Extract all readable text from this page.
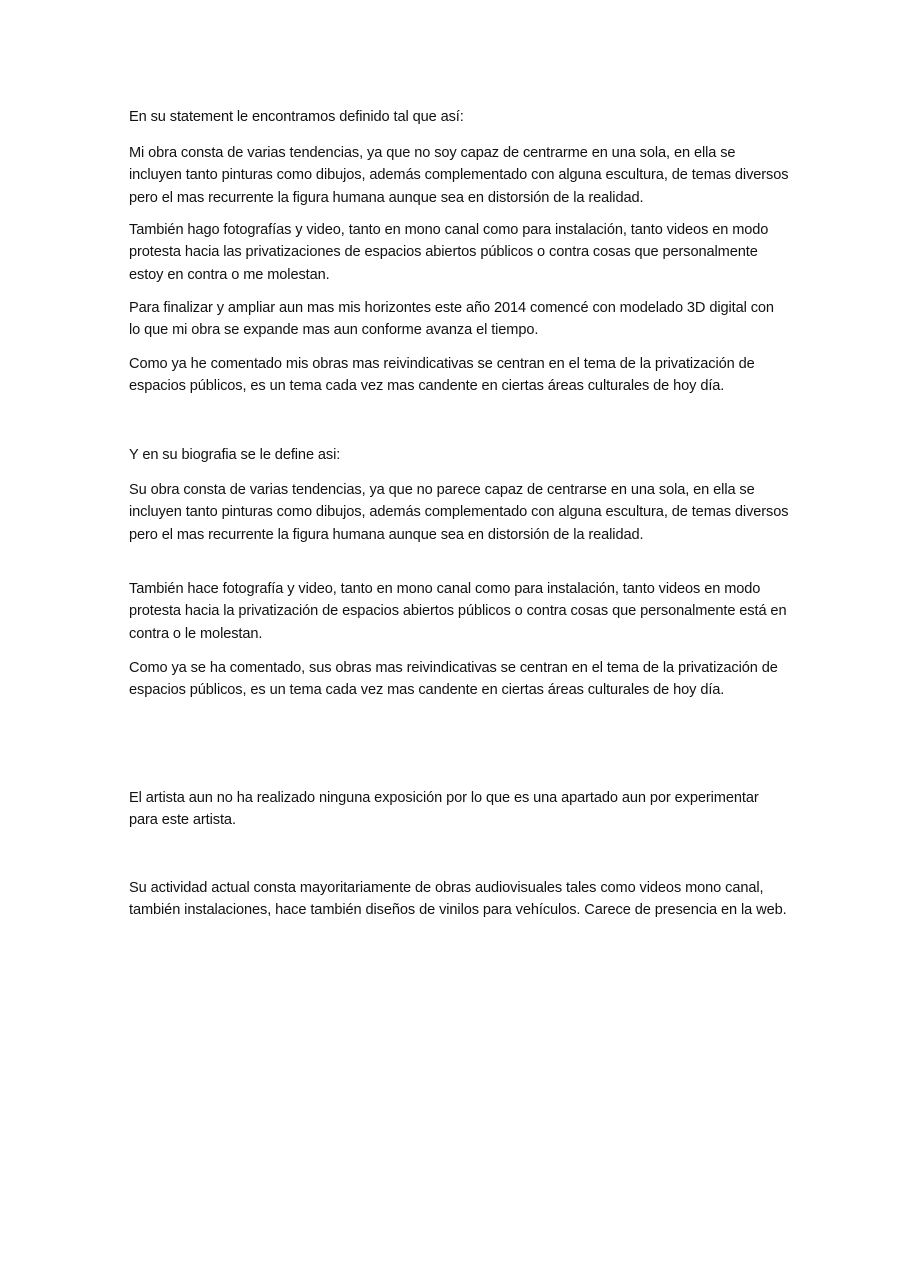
En su statement le encontramos definido tal que así:

Mi obra consta de varias tendencias, ya que no soy capaz de centrarme en una sola, en ella se incluyen tanto pinturas como dibujos, además complementado con alguna escultura, de temas diversos pero el mas recurrente la figura humana aunque sea en distorsión de la realidad.

También hago fotografías y video, tanto en mono canal como para instalación, tanto videos en modo protesta hacia las privatizaciones de espacios abiertos públicos o contra cosas que personalmente estoy en contra o me molestan.

Para finalizar y ampliar aun mas mis horizontes este año 2014 comencé con modelado 3D digital con lo que mi obra se expande mas aun conforme avanza el tiempo.

Como ya he comentado mis obras mas reivindicativas se centran en el tema de la privatización de espacios públicos, es un tema cada vez mas candente en ciertas áreas culturales de hoy día.

Y en su biografia se le define asi:

Su obra consta de varias tendencias, ya que no parece capaz de centrarse en una sola, en ella se incluyen tanto pinturas como dibujos, además complementado con alguna escultura, de temas diversos pero el mas recurrente la figura humana aunque sea en distorsión de la realidad.

También hace fotografía y video, tanto en mono canal como para instalación, tanto videos en modo protesta hacia la privatización de espacios abiertos públicos o contra cosas que personalmente está en contra o le molestan.

Como ya se ha comentado, sus obras mas reivindicativas se centran en el tema de la privatización de espacios públicos, es un tema cada vez mas candente en ciertas áreas culturales de hoy día.

El artista aun no ha realizado ninguna exposición por lo que es una apartado aun por experimentar para este artista.

Su actividad actual consta mayoritariamente de obras audiovisuales tales como videos mono canal, también instalaciones, hace también diseños de vinilos para vehículos. Carece de presencia en la web.
